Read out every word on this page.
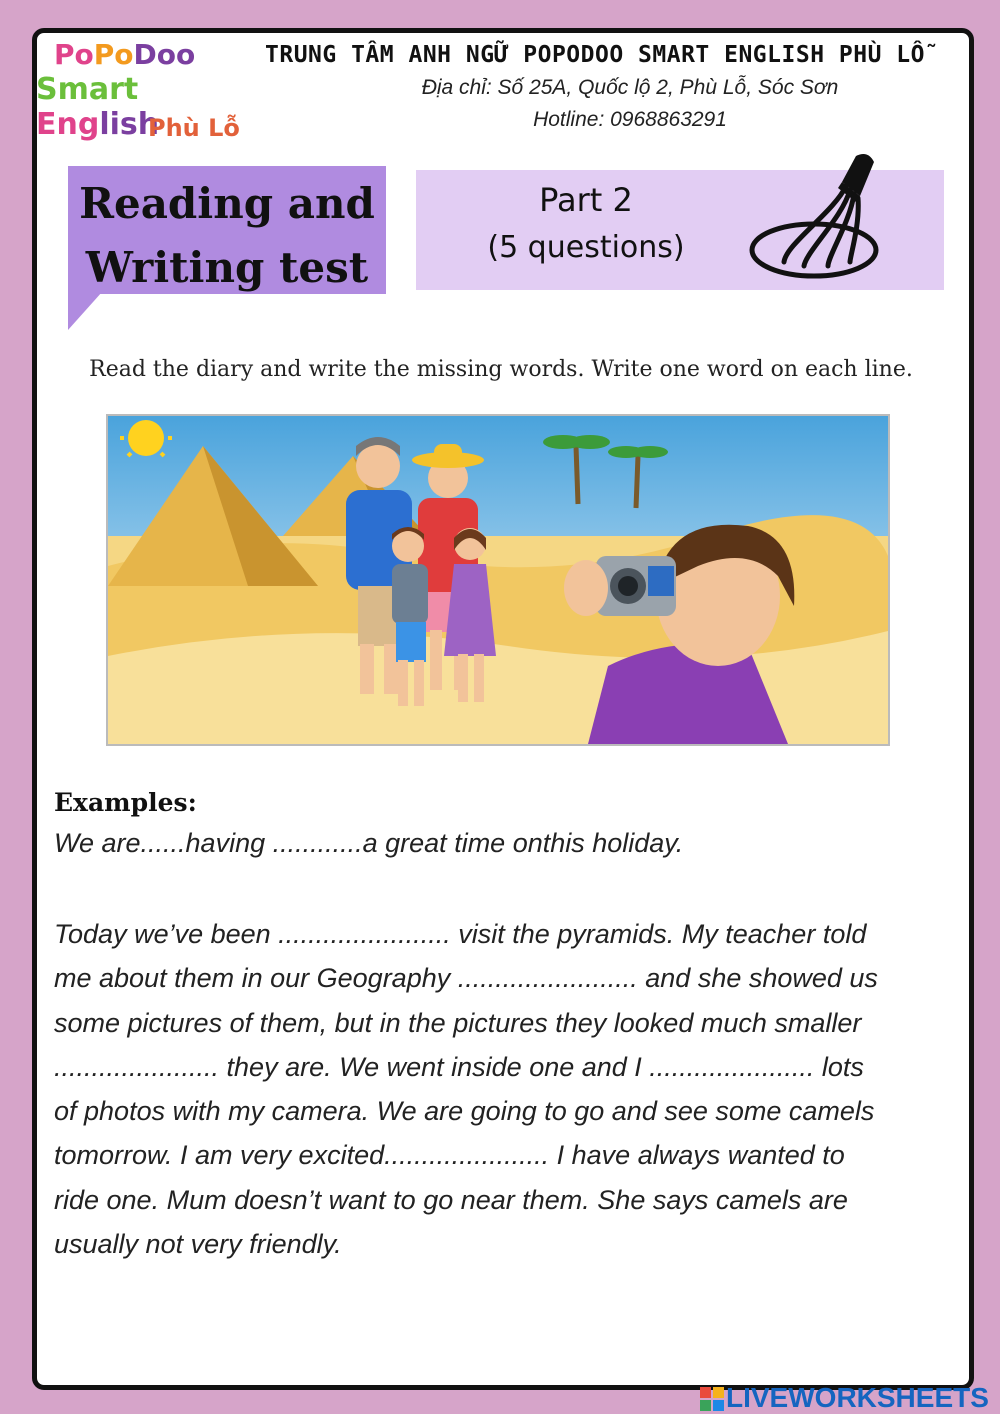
PoPoDoo
Smart English
Phù Lỗ
TRUNG TÂM ANH NGỮ POPODOO SMART ENGLISH PHÙ LỖ
Địa chỉ: Số 25A, Quốc lộ 2, Phù Lỗ, Sóc Sơn
Hotline: 0968863291
Reading and
Writing test
Part 2
(5 questions)
Read the diary and write the missing words. Write one word on each line.
Examples:
We are......having ............a great time onthis holiday.
Today we’ve been ....................... visit the pyramids. My teacher told
me about them in our Geography ........................ and she showed us
some pictures of them, but in the pictures they looked much smaller
...................... they are. We went inside one and I ...................... lots
of photos with my camera. We are going to go and see some camels
tomorrow. I am very excited...................... I have always wanted to
ride one. Mum doesn’t want to go near them. She says camels are
usually not very friendly.
LIVEWORKSHEETS
